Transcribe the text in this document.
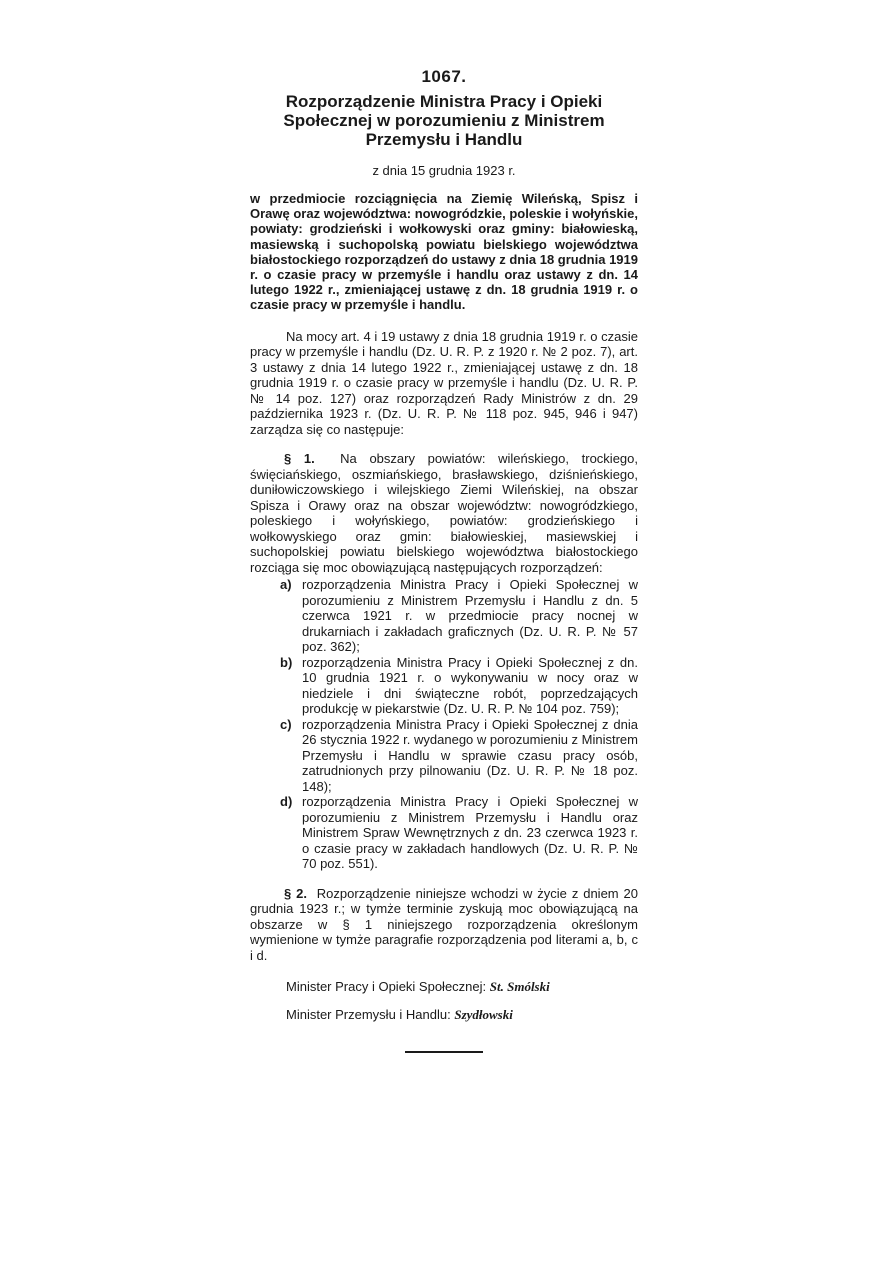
1067.
Rozporządzenie Ministra Pracy i Opieki Społecznej w porozumieniu z Ministrem Przemysłu i Handlu
z dnia 15 grudnia 1923 r.
w przedmiocie rozciągnięcia na Ziemię Wileńską, Spisz i Orawę oraz województwa: nowogródzkie, poleskie i wołyńskie, powiaty: grodzieński i wołkowyski oraz gminy: białowieską, masiewską i suchopolską powiatu bielskiego województwa białostockiego rozporządzeń do ustawy z dnia 18 grudnia 1919 r. o czasie pracy w przemyśle i handlu oraz ustawy z dn. 14 lutego 1922 r., zmieniającej ustawę z dn. 18 grudnia 1919 r. o czasie pracy w przemyśle i handlu.
Na mocy art. 4 i 19 ustawy z dnia 18 grudnia 1919 r. o czasie pracy w przemyśle i handlu (Dz. U. R. P. z 1920 r. № 2 poz. 7), art. 3 ustawy z dnia 14 lutego 1922 r., zmieniającej ustawę z dn. 18 grudnia 1919 r. o czasie pracy w przemyśle i handlu (Dz. U. R. P. № 14 poz. 127) oraz rozporządzeń Rady Ministrów z dn. 29 października 1923 r. (Dz. U. R. P. № 118 poz. 945, 946 i 947) zarządza się co następuje:
§ 1. Na obszary powiatów: wileńskiego, trockiego, święciańskiego, oszmiańskiego, brasławskiego, dziśnieńskiego, duniłowiczowskiego i wilejskiego Ziemi Wileńskiej, na obszar Spisza i Orawy oraz na obszar województw: nowogródzkiego, poleskiego i wołyńskiego, powiatów: grodzieńskiego i wołkowyskiego oraz gmin: białowieskiej, masiewskiej i suchopolskiej powiatu bielskiego województwa białostockiego rozciąga się moc obowiązującą następujących rozporządzeń:
a) rozporządzenia Ministra Pracy i Opieki Społecznej w porozumieniu z Ministrem Przemysłu i Handlu z dn. 5 czerwca 1921 r. w przedmiocie pracy nocnej w drukarniach i zakładach graficznych (Dz. U. R. P. № 57 poz. 362);
b) rozporządzenia Ministra Pracy i Opieki Społecznej z dn. 10 grudnia 1921 r. o wykonywaniu w nocy oraz w niedziele i dni świąteczne robót, poprzedzających produkcję w piekarstwie (Dz. U. R. P. № 104 poz. 759);
c) rozporządzenia Ministra Pracy i Opieki Społecznej z dnia 26 stycznia 1922 r. wydanego w porozumieniu z Ministrem Przemysłu i Handlu w sprawie czasu pracy osób, zatrudnionych przy pilnowaniu (Dz. U. R. P. № 18 poz. 148);
d) rozporządzenia Ministra Pracy i Opieki Społecznej w porozumieniu z Ministrem Przemysłu i Handlu oraz Ministrem Spraw Wewnętrznych z dn. 23 czerwca 1923 r. o czasie pracy w zakładach handlowych (Dz. U. R. P. № 70 poz. 551).
§ 2. Rozporządzenie niniejsze wchodzi w życie z dniem 20 grudnia 1923 r.; w tymże terminie zyskują moc obowiązującą na obszarze w § 1 niniejszego rozporządzenia określonym wymienione w tymże paragrafie rozporządzenia pod literami a, b, c i d.
Minister Pracy i Opieki Społecznej: St. Smólski
Minister Przemysłu i Handlu: Szydłowski
